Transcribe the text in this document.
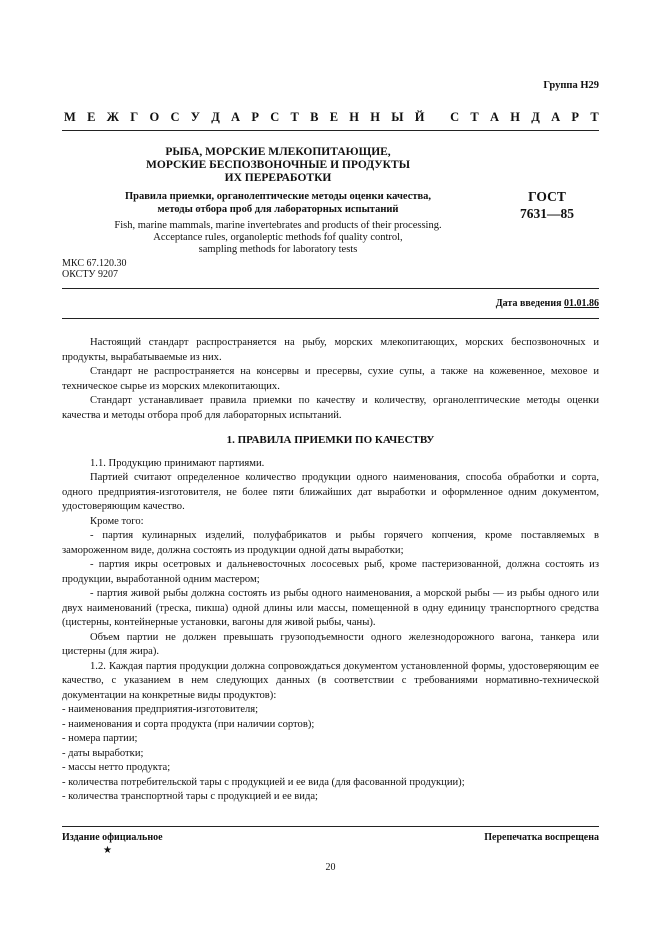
Группа Н29
М Е Ж Г О С У Д А Р С Т В Е Н Н Ы Й
С Т А Н Д А Р Т
РЫБА, МОРСКИЕ МЛЕКОПИТАЮЩИЕ,
МОРСКИЕ БЕСПОЗВОНОЧНЫЕ И ПРОДУКТЫ
ИХ ПЕРЕРАБОТКИ
Правила приемки, органолептические методы оценки качества,
методы отбора проб для лабораторных испытаний
Fish, marine mammals, marine invertebrates and products of their processing.
Acceptance rules, organoleptic methods fof quality control,
sampling methods for laboratory tests
ГОСТ
7631—85
МКС 67.120.30
ОКСТУ 9207
Дата введения 01.01.86

Настоящий стандарт распространяется на рыбу, морских млекопитающих, морских беспозвоночных и продукты, вырабатываемые из них.

Стандарт не распространяется на консервы и пресервы, сухие супы, а также на кожевенное, меховое и техническое сырье из морских млекопитающих.

Стандарт устанавливает правила приемки по качеству и количеству, органолептические методы оценки качества и методы отбора проб для лабораторных испытаний.

1. ПРАВИЛА ПРИЕМКИ ПО КАЧЕСТВУ

1.1. Продукцию принимают партиями.

Партией считают определенное количество продукции одного наименования, способа обработки и сорта, одного предприятия-изготовителя, не более пяти ближайших дат выработки и оформленное одним документом, удостоверяющим качество.

Кроме того:

- партия кулинарных изделий, полуфабрикатов и рыбы горячего копчения, кроме поставляемых в замороженном виде, должна состоять из продукции одной даты выработки;

- партия икры осетровых и дальневосточных лососевых рыб, кроме пастеризованной, должна состоять из продукции, выработанной одним мастером;

- партия живой рыбы должна состоять из рыбы одного наименования, а морской рыбы — из рыбы одного или двух наименований (треска, пикша) одной длины или массы, помещенной в одну единицу транспортного средства (цистерны, контейнерные установки, вагоны для живой рыбы, чаны).

Объем партии не должен превышать грузоподъемности одного железнодорожного вагона, танкера или цистерны (для жира).

1.2. Каждая партия продукции должна сопровождаться документом установленной формы, удостоверяющим ее качество, с указанием в нем следующих данных (в соответствии с требованиями нормативно-технической документации на конкретные виды продуктов):

- наименования предприятия-изготовителя;

- наименования и сорта продукта (при наличии сортов);

- номера партии;

- даты выработки;

- массы нетто продукта;

- количества потребительской тары с продукцией и ее вида (для фасованной продукции);

- количества транспортной тары с продукцией и ее вида;

Издание официальное	Перепечатка воспрещена
★
20
